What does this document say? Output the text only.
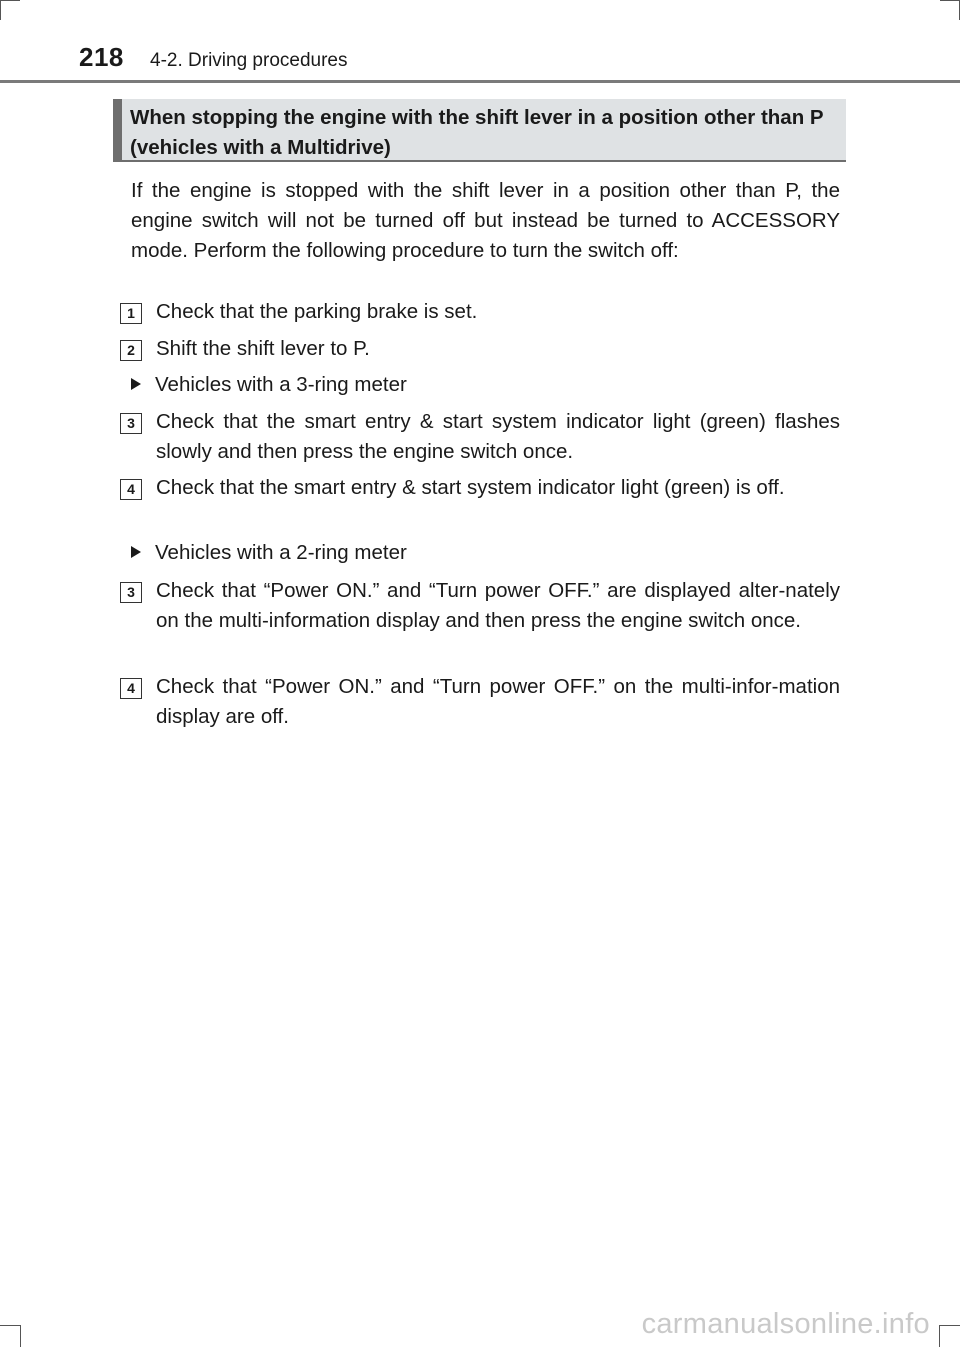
218 4-2. Driving procedures
When stopping the engine with the shift lever in a position other than P (vehicles with a Multidrive)
If the engine is stopped with the shift lever in a position other than P, the engine switch will not be turned off but instead be turned to ACCESSORY mode. Perform the following procedure to turn the switch off:
1	Check that the parking brake is set.
2	Shift the shift lever to P.
Vehicles with a 3-ring meter
3	Check that the smart entry & start system indicator light (green) flashes slowly and then press the engine switch once.
4	Check that the smart entry & start system indicator light (green) is off.
Vehicles with a 2-ring meter
3	Check that “Power ON.” and “Turn power OFF.” are displayed alter-nately on the multi-information display and then press the engine switch once.
4	Check that “Power ON.” and “Turn power OFF.” on the multi-infor-mation display are off.
carmanualsonline.info
